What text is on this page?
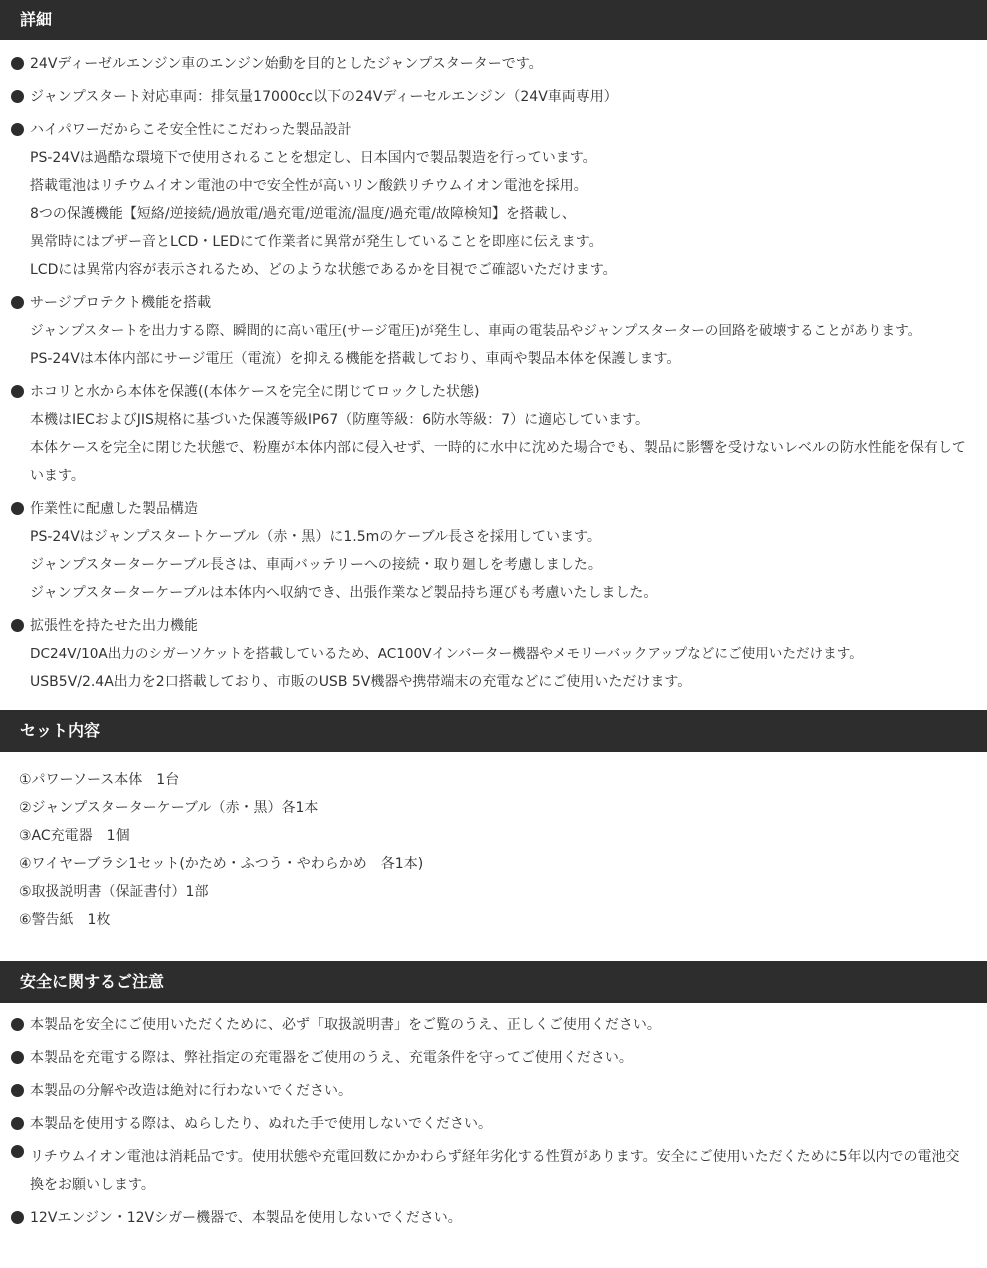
詳細
24Vディーゼルエンジン車のエンジン始動を目的としたジャンプスターターです。
ジャンプスタート対応車両：排気量17000cc以下の24Vディーセルエンジン（24V車両専用）
ハイパワーだからこそ安全性にこだわった製品設計
PS-24Vは過酷な環境下で使用されることを想定し、日本国内で製品製造を行っています。
搭載電池はリチウムイオン電池の中で安全性が高いリン酸鉄リチウムイオン電池を採用。
8つの保護機能【短絡/逆接続/過放電/過充電/逆電流/温度/過充電/故障検知】を搭載し、
異常時にはブザー音とLCD・LEDにて作業者に異常が発生していることを即座に伝えます。
LCDには異常内容が表示されるため、どのような状態であるかを目視でご確認いただけます。
サージプロテクト機能を搭載
ジャンプスタートを出力する際、瞬間的に高い電圧(サージ電圧)が発生し、車両の電装品やジャンプスターターの回路を破壊することがあります。
PS-24Vは本体内部にサージ電圧（電流）を抑える機能を搭載しており、車両や製品本体を保護します。
ホコリと水から本体を保護((本体ケースを完全に閉じてロックした状態)
本機はIECおよびJIS規格に基づいた保護等級IP67（防塵等級：6防水等級：7）に適応しています。
本体ケースを完全に閉じた状態で、粉塵が本体内部に侵入せず、一時的に水中に沈めた場合でも、製品に影響を受けないレベルの防水性能を保有しています。
作業性に配慮した製品構造
PS-24Vはジャンプスタートケーブル（赤・黒）に1.5mのケーブル長さを採用しています。
ジャンプスターターケーブル長さは、車両バッテリーへの接続・取り廻しを考慮しました。
ジャンプスターターケーブルは本体内へ収納でき、出張作業など製品持ち運びも考慮いたしました。
拡張性を持たせた出力機能
DC24V/10A出力のシガーソケットを搭載しているため、AC100Vインバーター機器やメモリーバックアップなどにご使用いただけます。
USB5V/2.4A出力を2口搭載しており、市販のUSB 5V機器や携帯端末の充電などにご使用いただけます。
セット内容
①パワーソース本体　1台
②ジャンプスターターケーブル（赤・黒）各1本
③AC充電器　1個
④ワイヤーブラシ1セット(かため・ふつう・やわらかめ　各1本)
⑤取扱説明書（保証書付）1部
⑥警告紙　1枚
安全に関するご注意
本製品を安全にご使用いただくために、必ず「取扱説明書」をご覧のうえ、正しくご使用ください。
本製品を充電する際は、弊社指定の充電器をご使用のうえ、充電条件を守ってご使用ください。
本製品の分解や改造は絶対に行わないでください。
本製品を使用する際は、ぬらしたり、ぬれた手で使用しないでください。
リチウムイオン電池は消耗品です。使用状態や充電回数にかかわらず経年劣化する性質があります。安全にご使用いただくために5年以内での電池交換をお願いします。
12Vエンジン・12Vシガー機器で、本製品を使用しないでください。
